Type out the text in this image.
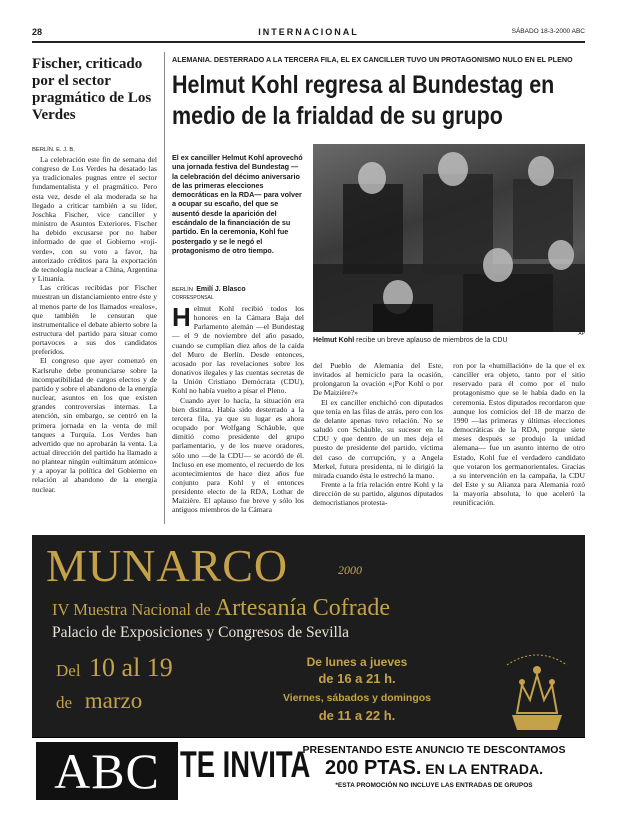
28	INTERNACIONAL	SÁBADO 18-3-2000 ABC
Fischer, criticado por el sector pragmático de Los Verdes
BERLÍN. E. J. B.

La celebración este fin de semana del congreso de Los Verdes ha desatado las ya tradicionales pugnas entre el sector fundamentalista y el pragmático. Pero esta vez, desde el ala moderada se ha llegado a criticar también a su líder, Joschka Fischer, vice canciller y ministro de Asuntos Exteriores. Fischer ha debido excusarse por no haber informado de que el Gobierno «rojí-verde», con su voto a favor, ha autorizado créditos para la exportación de tecnología nuclear a China, Argentina y Lituania.

Las críticas recibidas por Fischer muestran un distanciamiento entre éste y al menos parte de los llamados «realos», que también le censuran que instrumentalice el debate abierto sobre la estructura del partido para situar como portavoces a sus dos candidatos preferidos.

El congreso que ayer comenzó en Karlsruhe debe pronunciarse sobre la incompatibilidad de cargos electos y de partido y sobre el abandono de la energía nuclear, asuntos en los que existen grandes controversias internas. La atención, sin embargo, se centró en la primera jornada en la venta de mil tanques a Turquía. Los Verdes han advertido que no aprobarán la venta. La actual dirección del partido ha llamado a no plantear ningún «ultimátum atómico» y a apoyar la política del Gobierno en relación al abandono de la energía nuclear.

ALEMANIA. DESTERRADO A LA TERCERA FILA, EL EX CANCILLER TUVO UN PROTAGONISMO NULO EN EL PLENO
Helmut Kohl regresa al Bundestag en
medio de la frialdad de su grupo
El ex canciller Helmut Kohl aprovechó una jornada festiva del Bundestag —la celebración del décimo aniversario de las primeras elecciones democráticas en la RDA— para volver a ocupar su escaño, del que se ausentó desde la aparición del escándalo de la financiación de su partido. En la ceremonia, Kohl fue postergado y se le negó el protagonismo de otro tiempo.
Helmut Kohl recibe un breve aplauso de miembros de la CDU
AP
BERLÍN Emilí J. Blasco
CORRESPONSAL

Helmut Kohl recibió todos los honores en la Cámara Baja del Parlamento alemán —el Bundestag— el 9 de noviembre del año pasado, cuando se cumplían diez años de la caída del Muro de Berlín. Desde entonces, acosado por las revelaciones sobre los donativos ilegales y las cuentas secretas de la Unión Cristiano Demócrata (CDU), Kohl no había vuelto a pisar el Pleno.

Cuando ayer lo hacía, la situación era bien distinta. Había sido desterrado a la tercera fila, ya que su lugar es ahora ocupado por Wolfgang Schäuble, que dimitió como presidente del grupo parlamentario, y de los nueve oradores, sólo uno —de la CDU— se acordó de él. Incluso en ese momento, el recuerdo de los acontecimientos de hace diez años fue conjunto para Kohl y el entonces presidente electo de la RDA, Lothar de Maizière. El aplauso fue breve y sólo los antiguos miembros de la Cámara

del Pueblo de Alemania del Este, invitados al hemiciclo para la ocasión, prolongaron la ovación «¡Por Kohl o por De Maizière?»

El ex canciller enchichó con diputados que tenía en las filas de atrás, pero con los de delante apenas tuvo relación. No se saludó con Schäuble, su sucesor en la CDU y que dentro de un mes deja el puesto de presidente del partido, víctima del caso de corrupción, y a Angela Merkel, futura presidenta, ni le dirigió la mirada cuando ésta le estrechó la mano.

Frente a la fría relación entre Kohl y la dirección de su partido, algunos diputados democristianos protesta-

ron por la «humillación» de la que el ex canciller era objeto, tanto por el sitio reservado para él como por el nulo protagonismo que se le había dado en la ceremonia. Estos diputados recordaron que aunque los comicios del 18 de marzo de 1990 —las primeras y últimas elecciones democráticas de la RDA, porque siete meses después se produjo la unidad alemana— fue un asunto interno de otro Estado, Kohl fue el verdadero candidato que votaron los germanorientales. Gracias a su intervención en la campaña, la CDU del Este y su Alianza para Alemania rozó la mayoría absoluta, lo que aceleró la reunificación.

MUNARCO	2000
IV Muestra Nacional de Artesanía Cofrade
Palacio de Exposiciones y Congresos de Sevilla
Del 10 al 19
de marzo
De lunes a jueves
de 16 a 21 h.
Viernes, sábados y domingos
de 11 a 22 h.
ABC TE INVITA
PRESENTANDO ESTE ANUNCIO TE DESCONTAMOS
200 PTAS. EN LA ENTRADA.
*ESTA PROMOCIÓN NO INCLUYE LAS ENTRADAS DE GRUPOS
